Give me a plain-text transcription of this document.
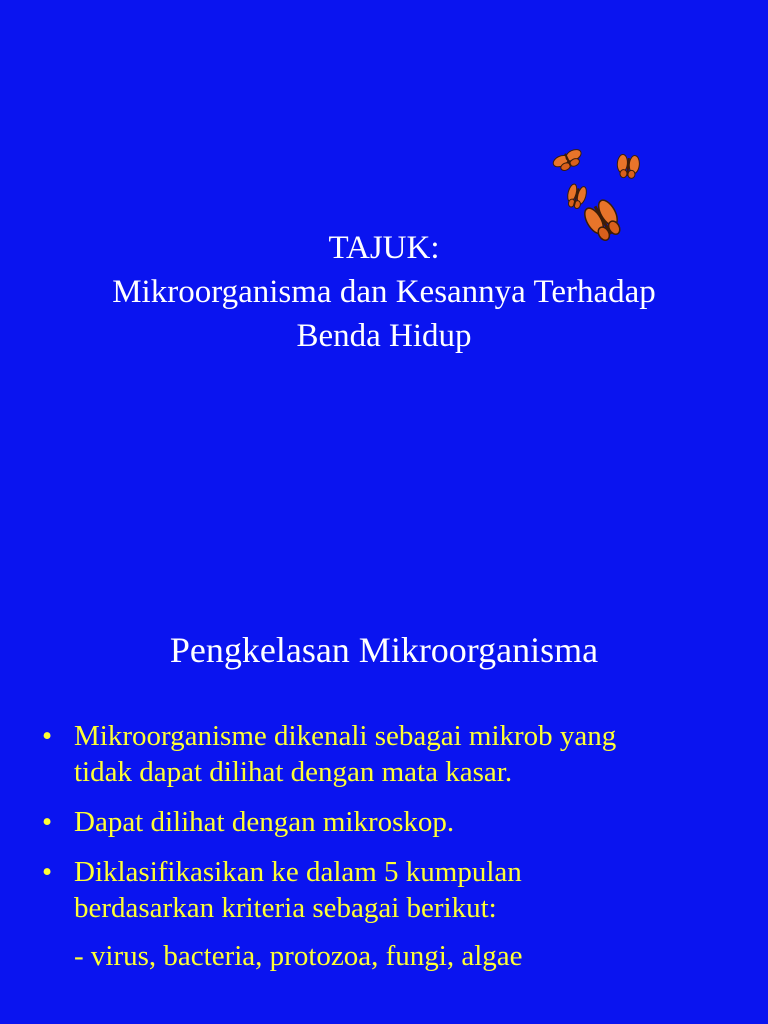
TAJUK:
Mikroorganisma dan Kesannya Terhadap
Benda Hidup
Pengkelasan Mikroorganisma
• Mikroorganisme dikenali sebagai mikrob yang
tidak dapat dilihat dengan mata kasar.
• Dapat dilihat dengan mikroskop.
• Diklasifikasikan ke dalam 5 kumpulan
berdasarkan kriteria sebagai berikut:
- virus, bacteria, protozoa, fungi, algae
